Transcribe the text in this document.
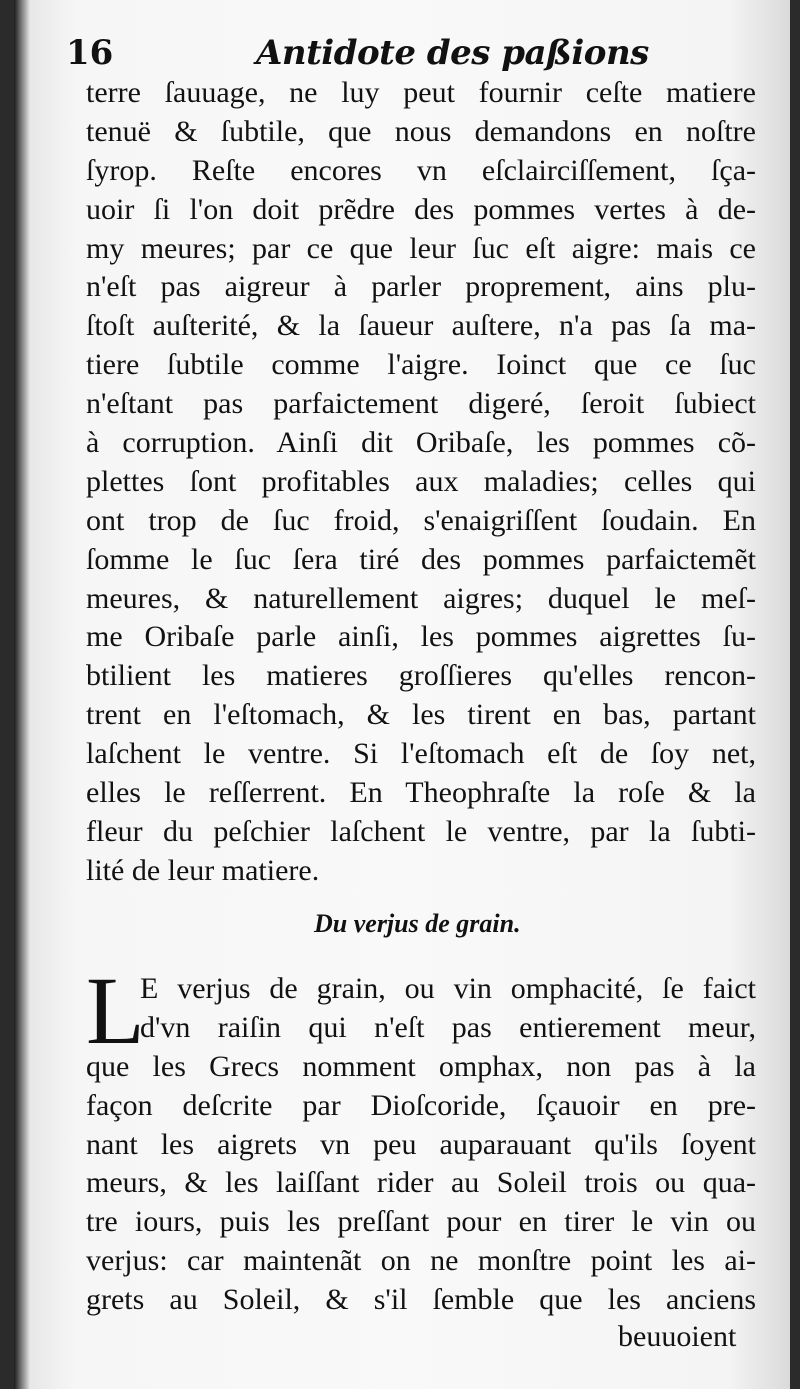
16	Antidote des paßions
terre ſauuage, ne luy peut fournir ceſte matiere
tenuë & ſubtile, que nous demandons en noſtre
ſyrop. Reſte encores vn eſclairciſſement, ſça-
uoir ſi l'on doit prẽdre des pommes vertes à de-
my meures; par ce que leur ſuc eſt aigre: mais ce
n'eſt pas aigreur à parler proprement, ains plu-
ſtoſt auſterité, & la ſaueur auſtere, n'a pas ſa ma-
tiere ſubtile comme l'aigre. Ioinct que ce ſuc
n'eſtant pas parfaictement digeré, ſeroit ſubiect
à corruption. Ainſi dit Oribaſe, les pommes cõ-
plettes ſont profitables aux maladies; celles qui
ont trop de ſuc froid, s'enaigriſſent ſoudain. En
ſomme le ſuc ſera tiré des pommes parfaictemẽt
meures, & naturellement aigres; duquel le meſ-
me Oribaſe parle ainſi, les pommes aigrettes ſu-
btilient les matieres groſſieres qu'elles rencon-
trent en l'eſtomach, & les tirent en bas, partant
laſchent le ventre. Si l'eſtomach eſt de ſoy net,
elles le reſſerrent. En Theophraſte la roſe & la
fleur du peſchier laſchent le ventre, par la ſubti-
lité de leur matiere.
Du verjus de grain.
L
E verjus de grain, ou vin omphacité, ſe faict
d'vn raiſin qui n'eſt pas entierement meur,
que les Grecs nomment omphax, non pas à la
façon deſcrite par Dioſcoride, ſçauoir en pre-
nant les aigrets vn peu auparauant qu'ils ſoyent
meurs, & les laiſſant rider au Soleil trois ou qua-
tre iours, puis les preſſant pour en tirer le vin ou
verjus: car maintenãt on ne monſtre point les ai-
grets au Soleil, & s'il ſemble que les anciens
beuuoient
